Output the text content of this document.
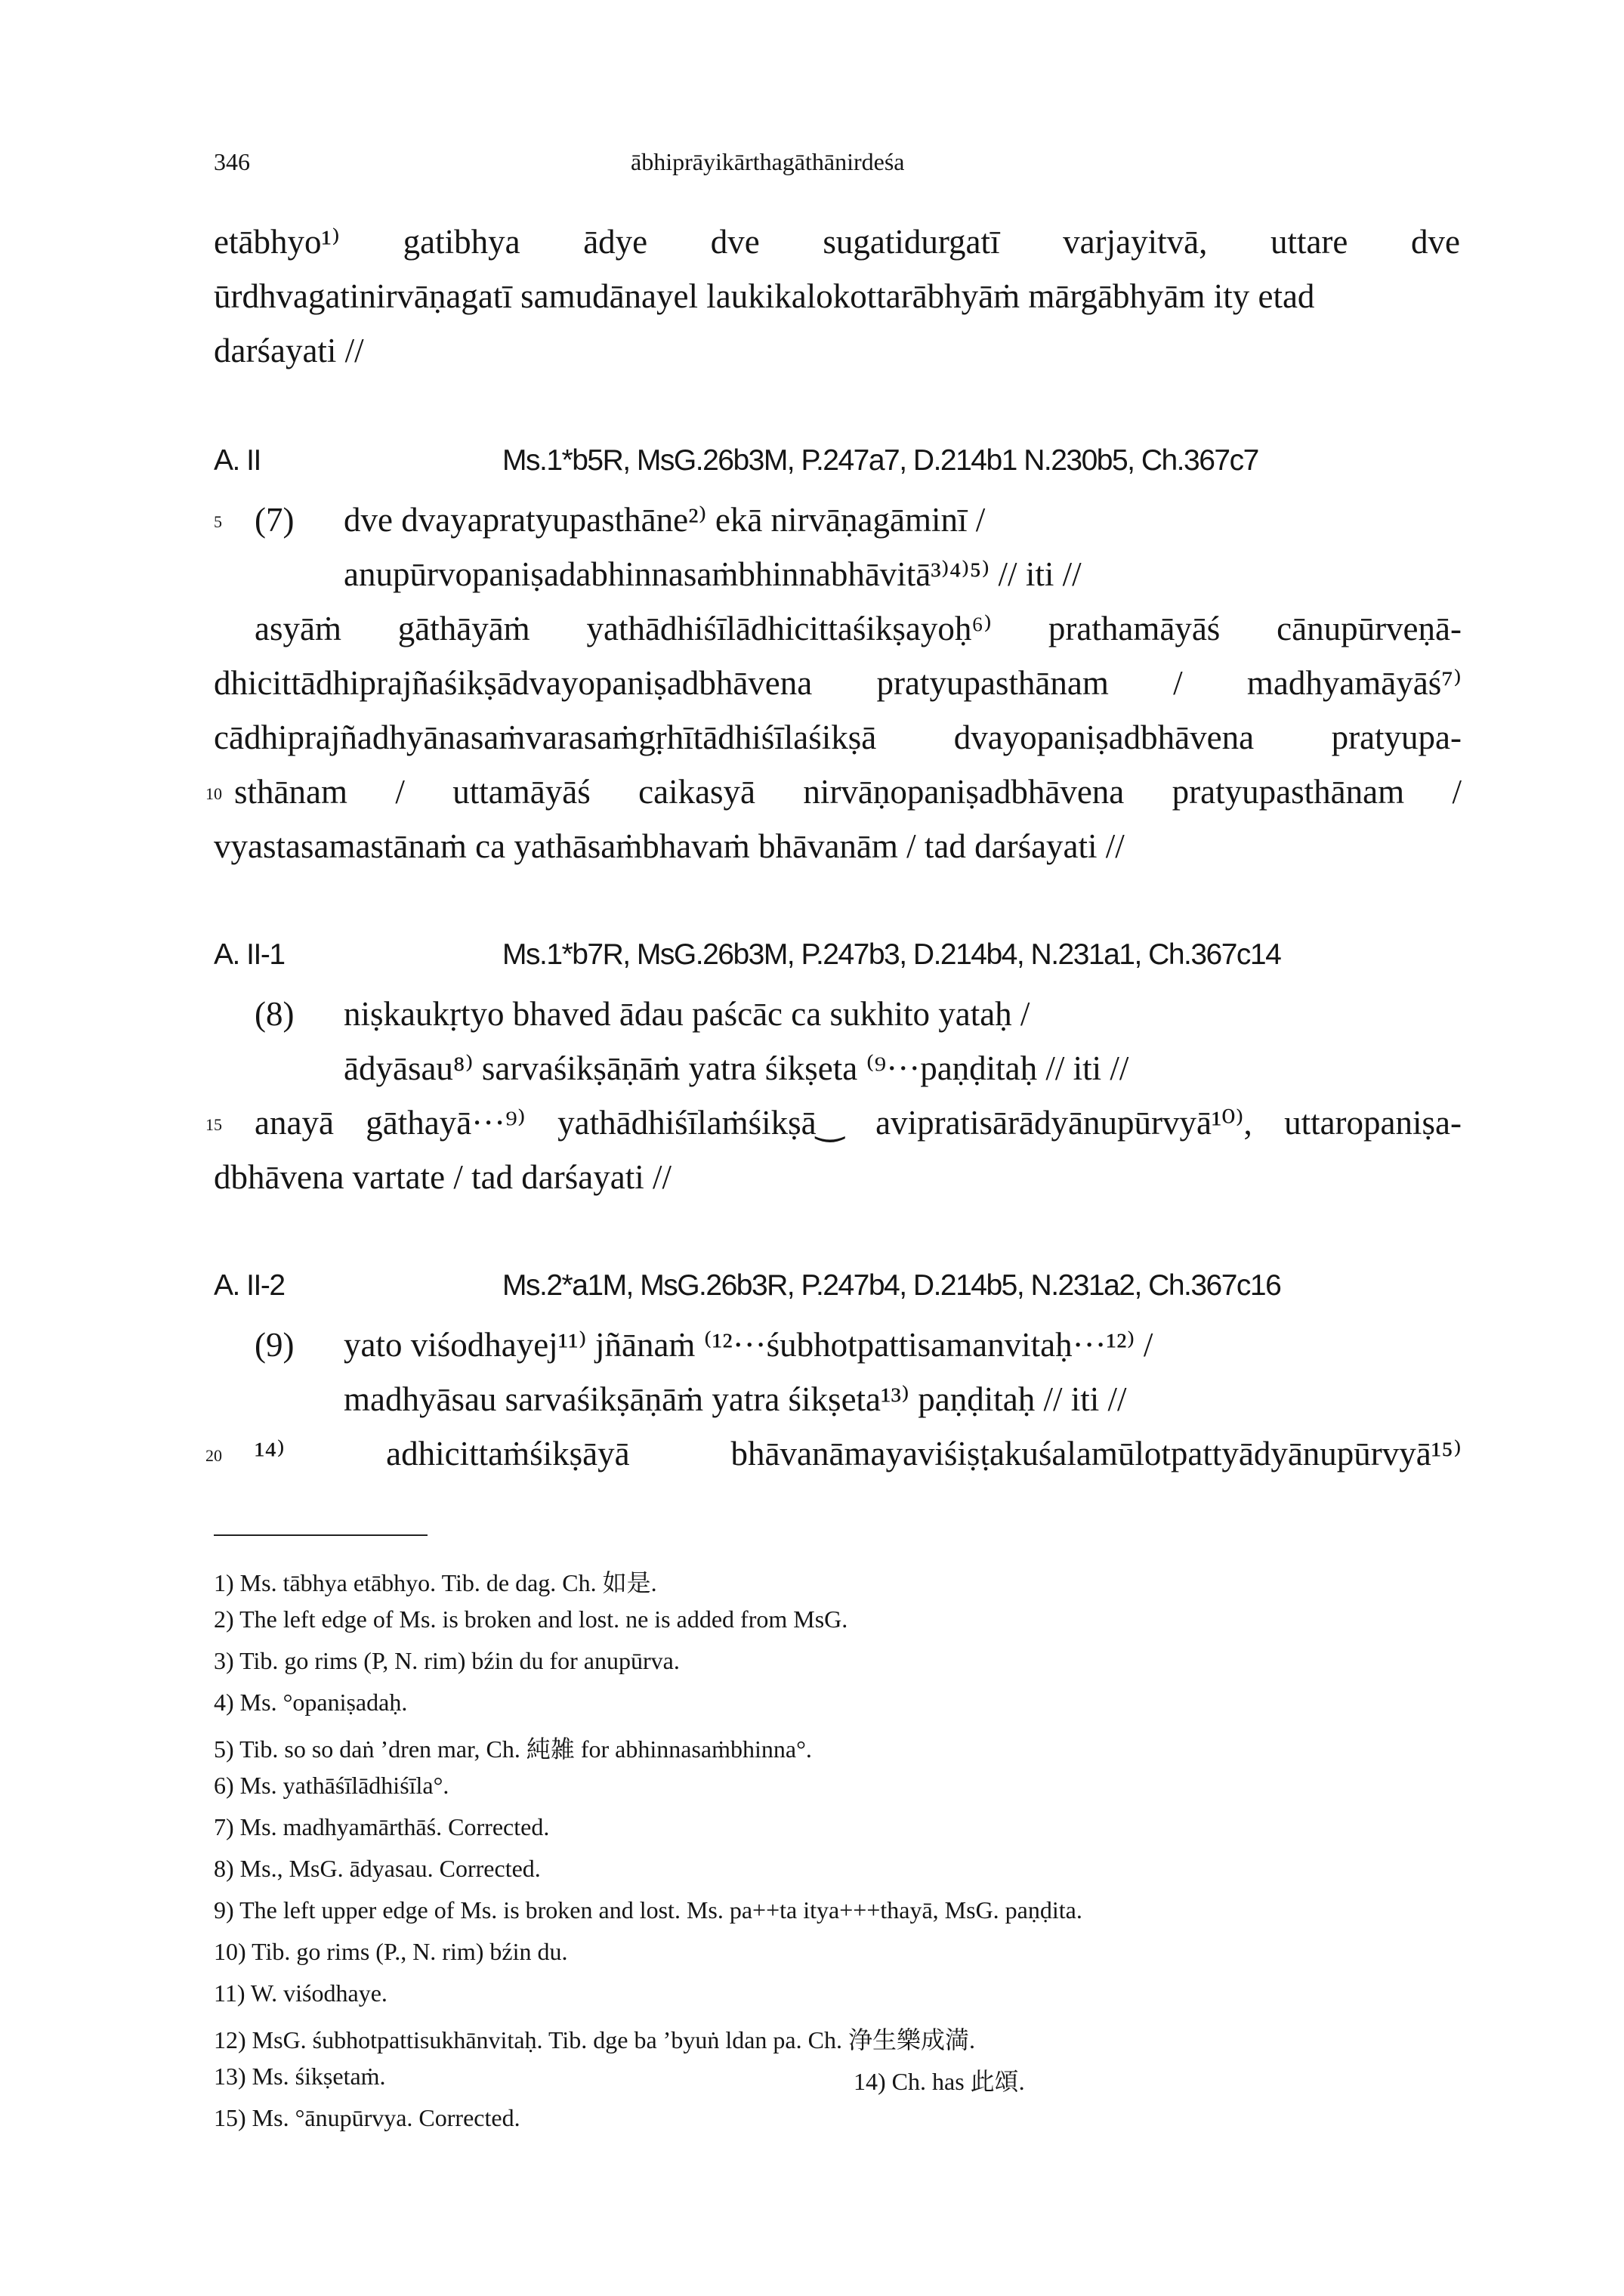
346	ābhiprāyikārthagāthānirdeśa
etābhyo¹⁾ gatibhya ādye dve sugatidurgatī varjayitvā, uttare dve
ūrdhvagatinirvāṇagatī samudānayel laukikalokottarābhyāṁ mārgābhyām ity etad
darśayati //
A. II	Ms.1*b5R, MsG.26b3M, P.247a7, D.214b1 N.230b5, Ch.367c7
5 (7) dve dvayapratyupasthāne²⁾ ekā nirvāṇagāminī /
anupūrvopaniṣadabhinnasaṁbhinnabhāvitā³⁾⁴⁾⁵⁾ // iti //
asyāṁ gāthāyāṁ yathādhiśīlādhicittaśikṣayoḥ⁶⁾ prathamāyāś cānupūrveṇā-
dhicittādhiprajñaśikṣādvayopaniṣadbhāvena pratyupasthānam / madhyamāyāś⁷⁾
cādhiprajñadhyānasaṁvarasaṁgṛhītādhiśīlaśikṣā dvayopaniṣadbhāvena pratyupa-
10 sthānam / uttamāyāś caikasyā nirvāṇopaniṣadbhāvena pratyupasthānam /
vyastasamastānaṁ ca yathāsaṁbhavaṁ bhāvanām / tad darśayati //
A. II-1	Ms.1*b7R, MsG.26b3M, P.247b3, D.214b4, N.231a1, Ch.367c14
(8) niṣkaukṛtyo bhaved ādau paścāc ca sukhito yataḥ /
ādyāsau⁸⁾ sarvaśikṣāṇāṁ yatra śikṣeta ⁽⁹···paṇḍitaḥ // iti //
15 anayā gāthayā···⁹⁾ yathādhiśīlaṁśikṣā‿ avipratisārādyānupūrvyā¹⁰⁾, uttaropaniṣa-
dbhāvena vartate / tad darśayati //
A. II-2	Ms.2*a1M, MsG.26b3R, P.247b4, D.214b5, N.231a2, Ch.367c16
(9) yato viśodhayej¹¹⁾ jñānaṁ ⁽¹²···śubhotpattisamanvitaḥ···¹²⁾ /
madhyāsau sarvaśikṣāṇāṁ yatra śikṣeta¹³⁾ paṇḍitaḥ // iti //
20 ¹⁴⁾ adhicittaṁśikṣāyā bhāvanāmayaviśiṣṭakuśalamūlotpattyādyānupūrvyā¹⁵⁾
1) Ms. tābhya etābhyo. Tib. de dag. Ch. 如是.
2) The left edge of Ms. is broken and lost. ne is added from MsG.
3) Tib. go rims (P, N. rim) bźin du for anupūrva.
4) Ms. °opaniṣadaḥ.
5) Tib. so so daṅ ’dren mar, Ch. 純雑 for abhinnasaṁbhinna°.
6) Ms. yathāśīlādhiśīla°.
7) Ms. madhyamārthāś. Corrected.
8) Ms., MsG. ādyasau. Corrected.
9) The left upper edge of Ms. is broken and lost. Ms. pa++ta itya+++thayā, MsG. paṇḍita.
10) Tib. go rims (P., N. rim) bźin du.
11) W. viśodhaye.
12) MsG. śubhotpattisukhānvitaḥ. Tib. dge ba ’byuṅ ldan pa. Ch. 浄生樂成満.
13) Ms. śikṣetaṁ.	14) Ch. has 此頌.
15) Ms. °ānupūrvya. Corrected.
